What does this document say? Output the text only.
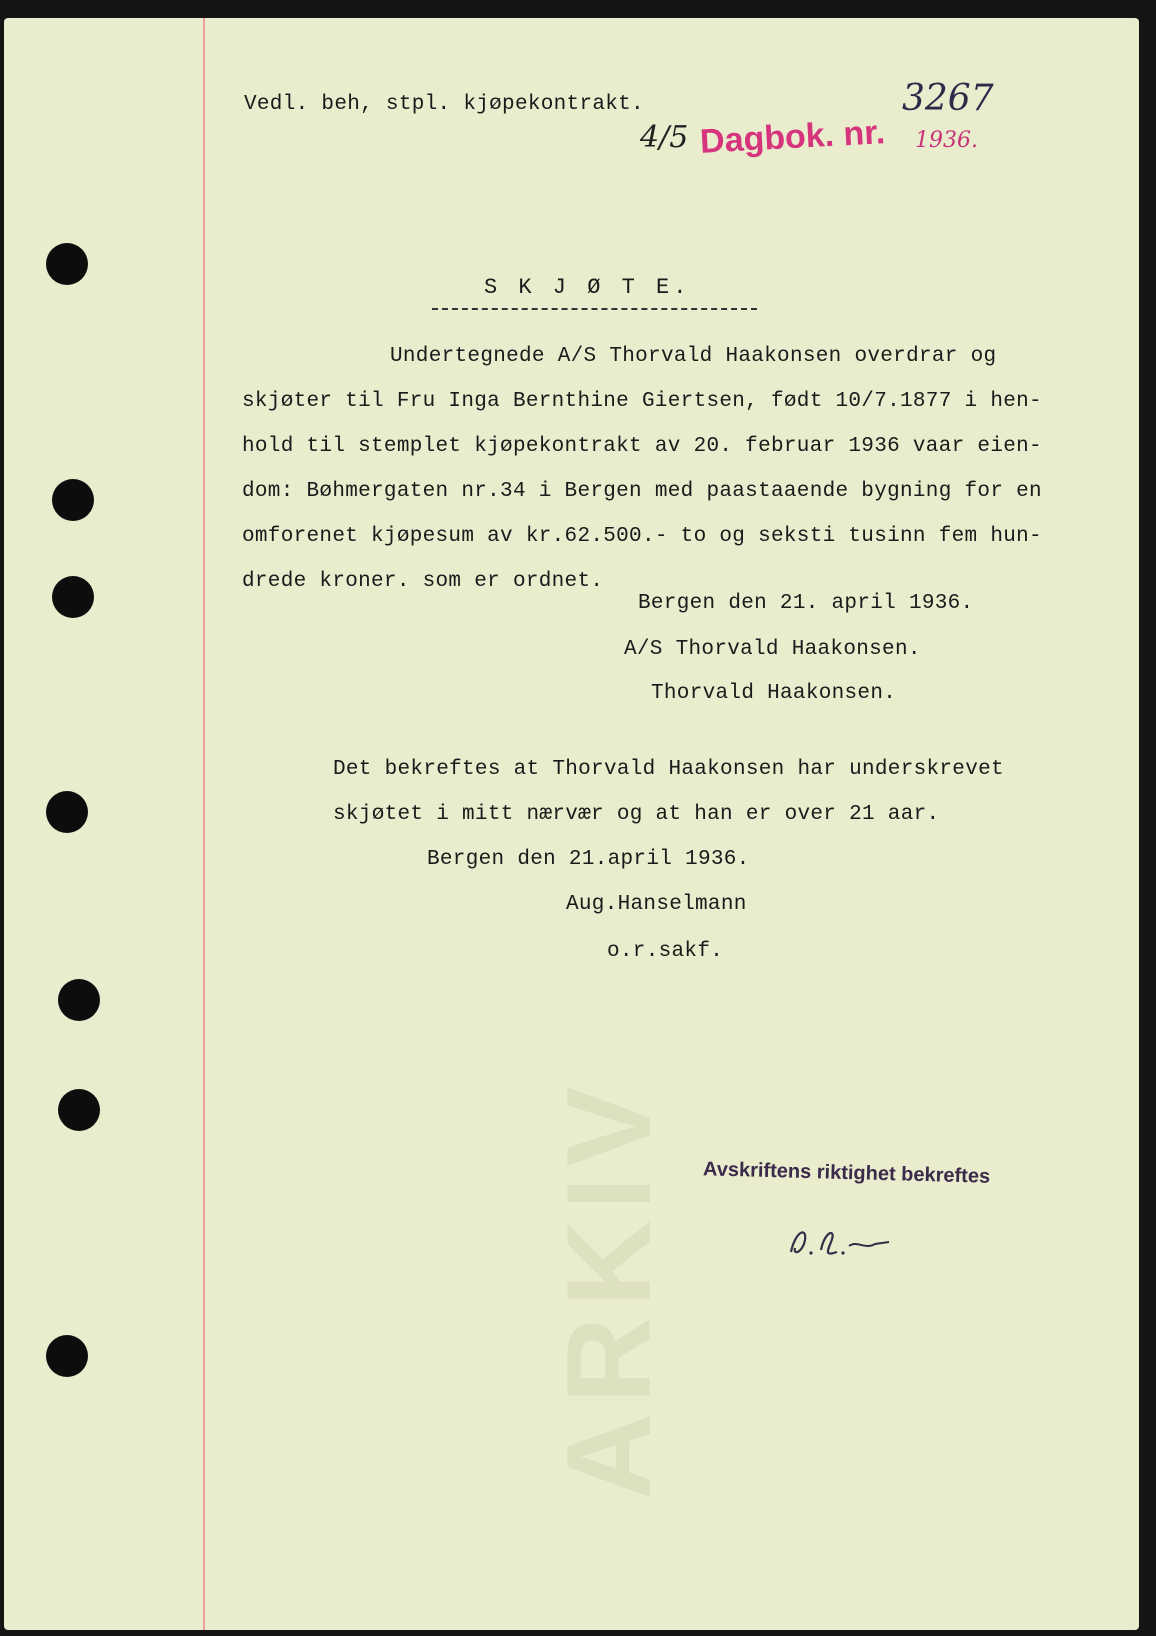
ARKIV
Vedl. beh, stpl. kjøpekontrakt.
4/5 Dagbok. nr.
3267
1936.
S K J Ø T E.
Undertegnede A/S Thorvald Haakonsen overdrar og
skjøter til Fru Inga Bernthine Giertsen, født 10/7.1877 i hen-
hold til stemplet kjøpekontrakt av 20. februar 1936 vaar eien-
dom: Bøhmergaten nr.34 i Bergen med paastaaende bygning for en
omforenet kjøpesum av kr.62.500.- to og seksti tusinn fem hun-
drede kroner. som er ordnet.
Bergen den 21. april 1936.
A/S Thorvald Haakonsen.
Thorvald Haakonsen.
Det bekreftes at Thorvald Haakonsen har underskrevet
skjøtet i mitt nærvær og at han er over 21 aar.
Bergen den 21.april 1936.
Aug.Hanselmann
o.r.sakf.
Avskriftens riktighet bekreftes
